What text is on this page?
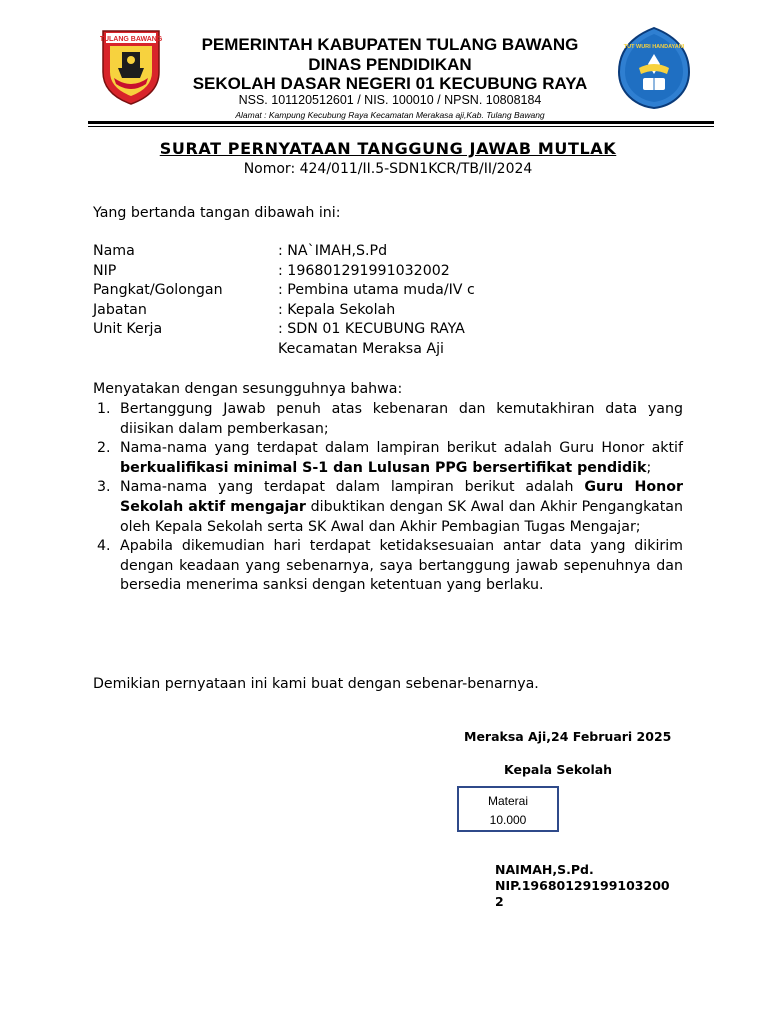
TULANG BAWANG
TUT WURI HANDAYANI
PEMERINTAH KABUPATEN TULANG BAWANG
DINAS PENDIDIKAN
SEKOLAH DASAR NEGERI 01 KECUBUNG RAYA
NSS. 101120512601 / NIS. 100010 / NPSN. 10808184
Alamat : Kampung Kecubung Raya Kecamatan Merakasa aji,Kab. Tulang Bawang
SURAT PERNYATAAN TANGGUNG JAWAB MUTLAK
Nomor: 424/011/II.5-SDN1KCR/TB/II/2024
Yang bertanda tangan dibawah ini:
Nama	: NA`IMAH,S.Pd
NIP	: 196801291991032002
Pangkat/Golongan	: Pembina utama muda/IV c
Jabatan	: Kepala Sekolah
Unit Kerja	: SDN 01 KECUBUNG RAYA
Kecamatan Meraksa Aji
Menyatakan dengan sesungguhnya bahwa:
1. Bertanggung Jawab penuh atas kebenaran dan kemutakhiran data yang diisikan dalam pemberkasan;
2. Nama-nama yang terdapat dalam lampiran berikut adalah Guru Honor aktif berkualifikasi minimal S-1 dan Lulusan PPG bersertifikat pendidik;
3. Nama-nama yang terdapat dalam lampiran berikut adalah Guru Honor Sekolah aktif mengajar dibuktikan dengan SK Awal dan Akhir Pengangkatan oleh Kepala Sekolah serta SK Awal dan Akhir Pembagian Tugas Mengajar;
4. Apabila dikemudian hari terdapat ketidaksesuaian antar data yang dikirim dengan keadaan yang sebenarnya, saya bertanggung jawab sepenuhnya dan bersedia menerima sanksi dengan ketentuan yang berlaku.
Demikian pernyataan ini kami buat dengan sebenar-benarnya.
Meraksa Aji,24 Februari 2025
Kepala Sekolah
Materai
10.000
NAIMAH,S.Pd.
NIP.19680129199103200
2
